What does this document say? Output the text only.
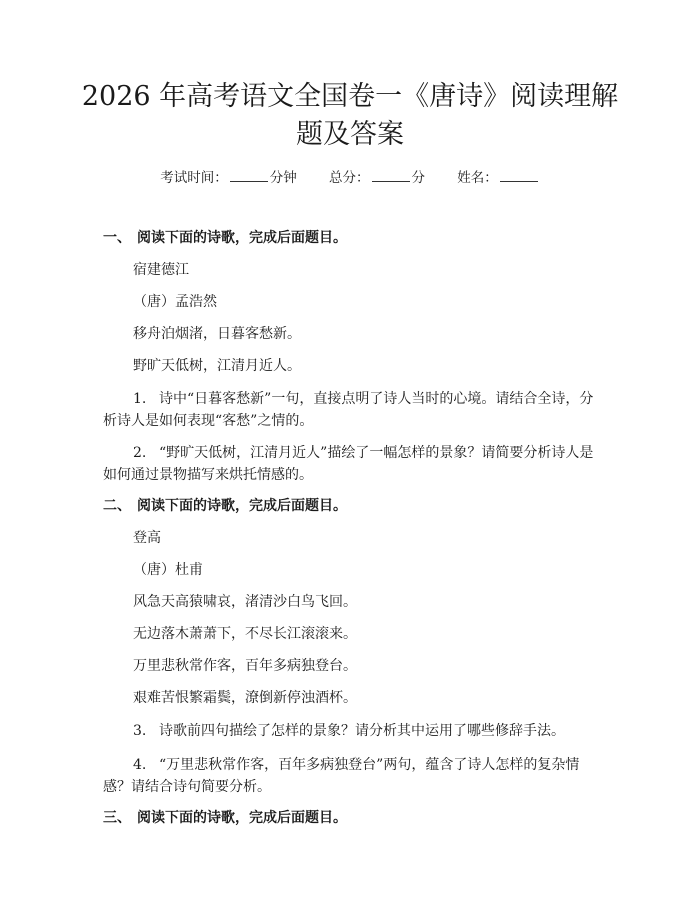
2026 年高考语文全国卷一《唐诗》阅读理解
题及答案
考试时间：	分钟 总分：	分 姓名：

一、 阅读下面的诗歌，完成后面题目。

宿建德江

（唐）孟浩然

移舟泊烟渚，日暮客愁新。

野旷天低树，江清月近人。

1. 诗中“日暮客愁新”一句，直接点明了诗人当时的心境。请结合全诗，分析诗人是如何表现“客愁”之情的。

2. “野旷天低树，江清月近人”描绘了一幅怎样的景象？请简要分析诗人是如何通过景物描写来烘托情感的。

二、 阅读下面的诗歌，完成后面题目。

登高

（唐）杜甫

风急天高猿啸哀，渚清沙白鸟飞回。

无边落木萧萧下，不尽长江滚滚来。

万里悲秋常作客，百年多病独登台。

艰难苦恨繁霜鬓，潦倒新停浊酒杯。

3. 诗歌前四句描绘了怎样的景象？请分析其中运用了哪些修辞手法。

4. “万里悲秋常作客，百年多病独登台”两句，蕴含了诗人怎样的复杂情感？请结合诗句简要分析。

三、 阅读下面的诗歌，完成后面题目。
